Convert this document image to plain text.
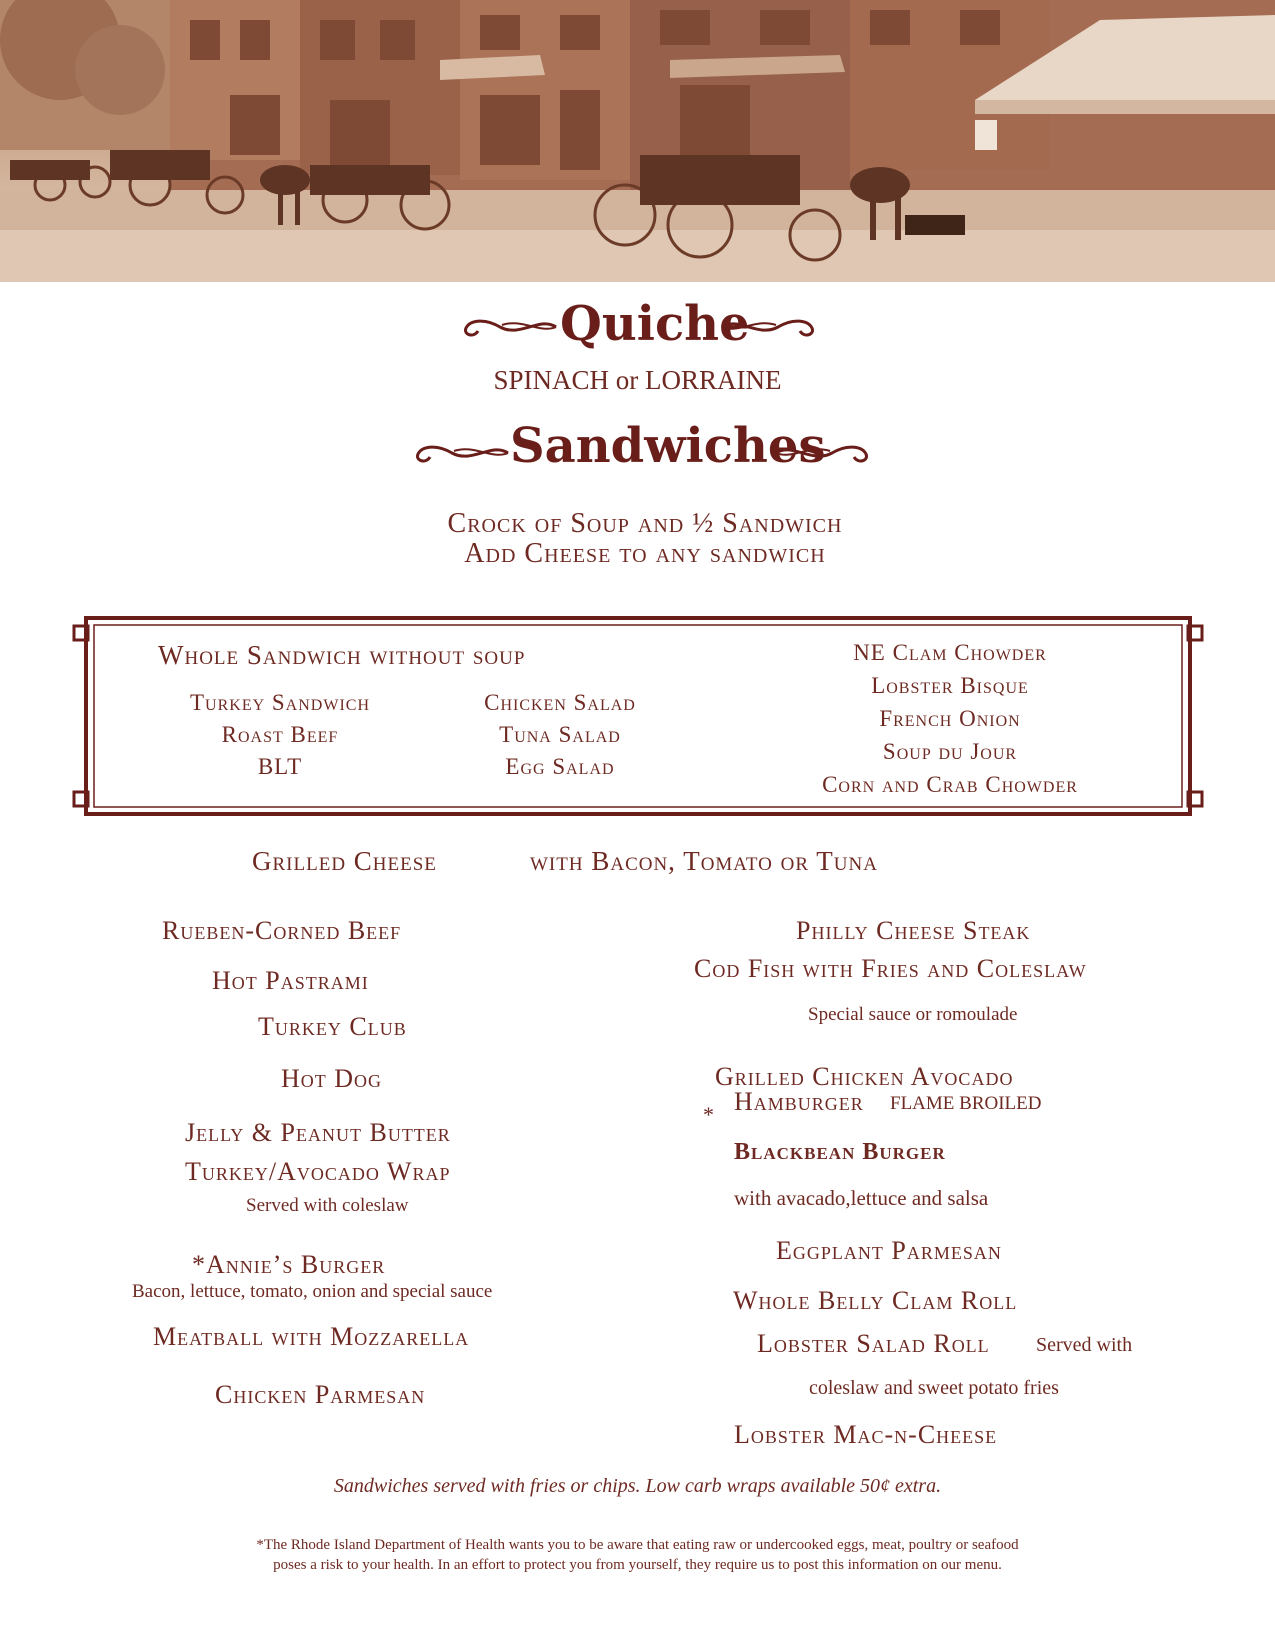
Quiche
SPINACH or LORRAINE
Sandwiches
Crock of Soup and ½ Sandwich
Add Cheese to any sandwich
Whole Sandwich without soup
Turkey Sandwich
Roast Beef
BLT
Chicken Salad
Tuna Salad
Egg Salad
NE Clam Chowder
Lobster Bisque
French Onion
Soup du Jour
Corn and Crab Chowder
Grilled Cheese	with Bacon, Tomato or Tuna
Rueben-Corned Beef
Hot Pastrami
Turkey Club
Hot Dog
Jelly & Peanut Butter
Turkey/Avocado Wrap
Served with coleslaw
*Annie’s Burger
Bacon, lettuce, tomato, onion and special sauce
Meatball with Mozzarella
Chicken Parmesan
Philly Cheese Steak
Cod Fish with Fries and Coleslaw
Special sauce or romoulade
Grilled Chicken Avocado
* Hamburger FLAME BROILED
Blackbean Burger
with avacado,lettuce and salsa
Eggplant Parmesan
Whole Belly Clam Roll
Lobster Salad Roll Served with
coleslaw and sweet potato fries
Lobster Mac-n-Cheese
Sandwiches served with fries or chips. Low carb wraps available 50¢ extra.
*The Rhode Island Department of Health wants you to be aware that eating raw or undercooked eggs, meat, poultry or seafood
poses a risk to your health. In an effort to protect you from yourself, they require us to post this information on our menu.
